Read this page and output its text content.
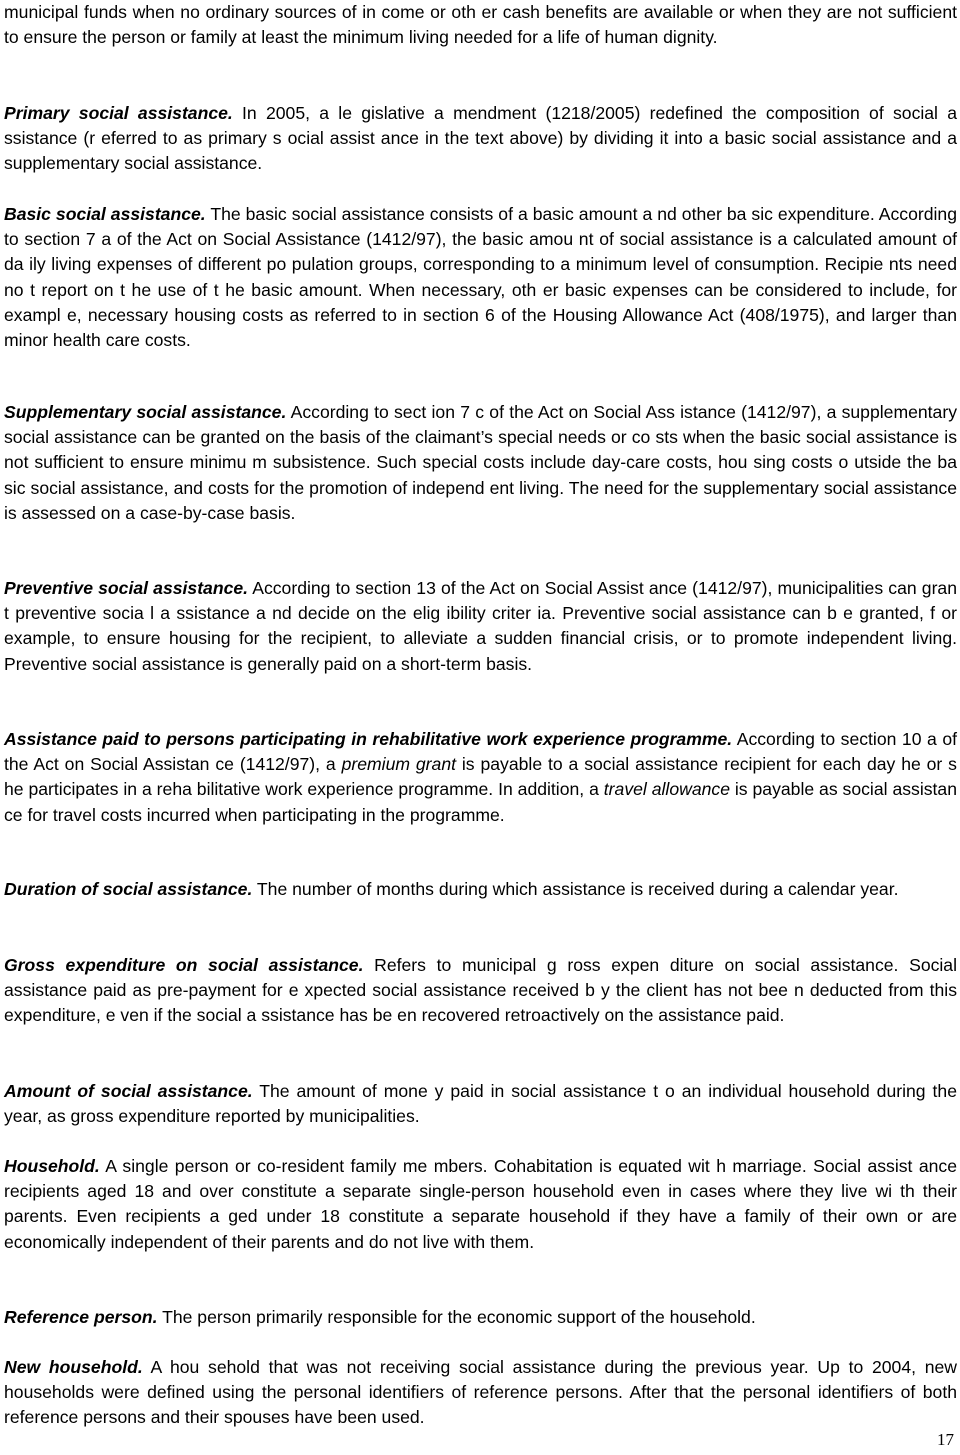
municipal funds when no ordinary sources of in come or oth er cash benefits are available or when they are not sufficient to ensure the person or family at least the minimum living needed for a life of human dignity.

Primary social assistance. In 2005, a le gislative a mendment (1218/2005) redefined the composition of social a ssistance (r eferred to as primary s ocial assist ance in the text above) by dividing it into a basic social assistance and a supplementary social assistance.

Basic social assistance. The basic social assistance consists of a basic amount a nd other ba sic expenditure. According to section 7 a of the Act on Social Assistance (1412/97), the basic amou nt of social assistance is a calculated amount of da ily living expenses of different po pulation groups, corresponding to a minimum level of consumption. Recipie nts need no t report on t he use of t he basic amount. When necessary, oth er basic expenses can be considered to include, for exampl e, necessary housing costs as referred to in section 6 of the Housing Allowance Act (408/1975), and larger than minor health care costs.

Supplementary social assistance. According to sect ion 7 c of the Act on Social Ass istance (1412/97), a supplementary social assistance can be granted on the basis of the claimant’s special needs or co sts when the basic social assistance is not sufficient to ensure minimu m subsistence. Such special costs include day-care costs, hou sing costs o utside the ba sic social assistance, and costs for the promotion of independ ent living. The need for the supplementary social assistance is assessed on a case-by-case basis.

Preventive social assistance. According to section 13 of the Act on Social Assist ance (1412/97), municipalities can gran t preventive socia l a ssistance a nd decide on the elig ibility criter ia. Preventive social assistance can b e granted, f or example, to ensure housing for the recipient, to alleviate a sudden financial crisis, or to promote independent living. Preventive social assistance is generally paid on a short-term basis.

Assistance paid to persons participating in rehabilitative work experience programme. According to section 10 a of the Act on Social Assistan ce (1412/97), a premium grant is payable to a social assistance recipient for each day he or s he participates in a reha bilitative work experience programme. In addition, a travel allowance is payable as social assistan ce for travel costs incurred when participating in the programme.

Duration of social assistance. The number of months during which assistance is received during a calendar year.

Gross expenditure on social assistance. Refers to municipal g ross expen diture on social assistance. Social assistance paid as pre-payment for e xpected social assistance received b y the client has not bee n deducted from this expenditure, e ven if the social a ssistance has be en recovered retroactively on the assistance paid.

Amount of social assistance. The amount of mone y paid in social assistance t o an individual household during the year, as gross expenditure reported by municipalities.

Household. A single person or co-resident family me mbers. Cohabitation is equated wit h marriage. Social assist ance recipients aged 18 and over constitute a separate single-person household even in cases where they live wi th their parents. Even recipients a ged under 18 constitute a separate household if they have a family of their own or are economically independent of their parents and do not live with them.

Reference person. The person primarily responsible for the economic support of the household.

New household. A hou sehold that was not receiving social assistance during the previous year. Up to 2004, new households were defined using the personal identifiers of reference persons. After that the personal identifiers of both reference persons and their spouses have been used.

17
